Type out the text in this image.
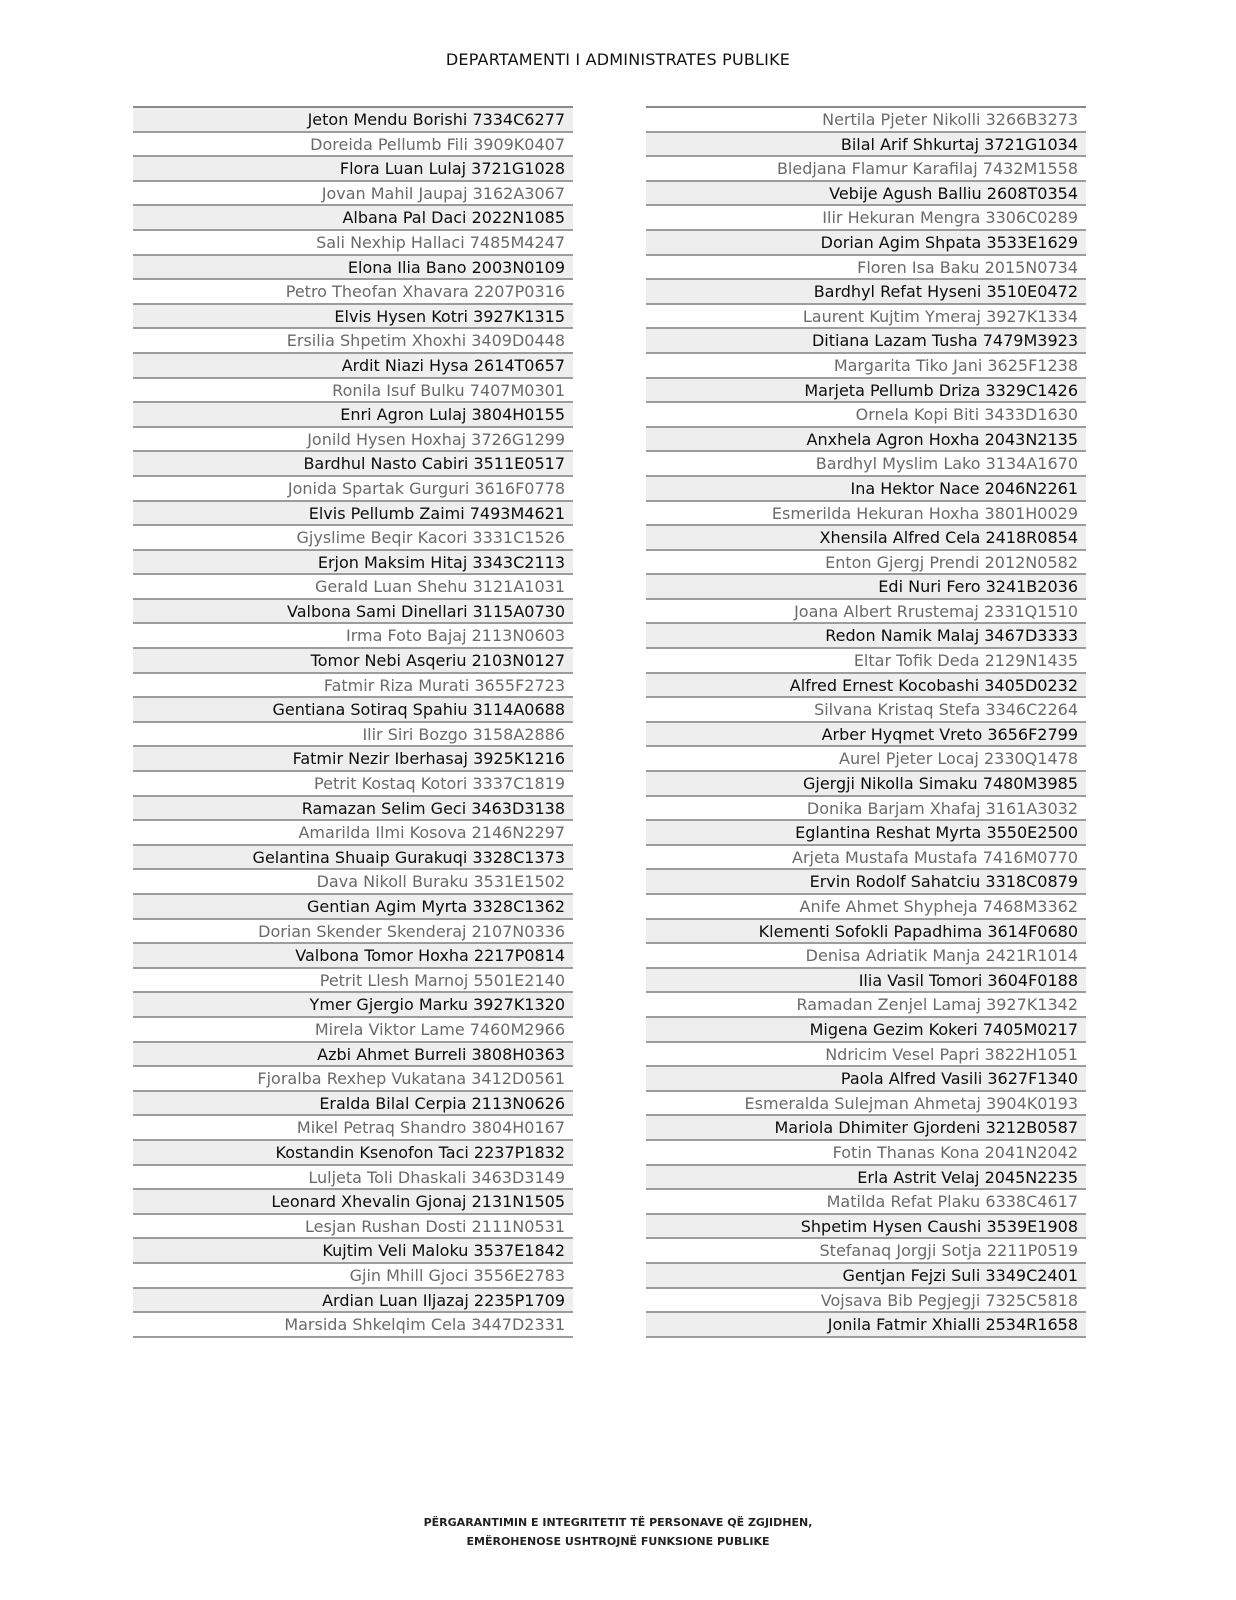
DEPARTAMENTI I ADMINISTRATES PUBLIKE
Jeton Mendu Borishi 7334C6277
Doreida Pellumb Fili 3909K0407
Flora Luan Lulaj 3721G1028
Jovan Mahil Jaupaj 3162A3067
Albana Pal Daci 2022N1085
Sali Nexhip Hallaci 7485M4247
Elona Ilia Bano 2003N0109
Petro Theofan Xhavara 2207P0316
Elvis Hysen Kotri 3927K1315
Ersilia Shpetim Xhoxhi 3409D0448
Ardit Niazi Hysa 2614T0657
Ronila Isuf Bulku 7407M0301
Enri Agron Lulaj 3804H0155
Jonild Hysen Hoxhaj 3726G1299
Bardhul Nasto Cabiri 3511E0517
Jonida Spartak Gurguri 3616F0778
Elvis Pellumb Zaimi 7493M4621
Gjyslime Beqir Kacori 3331C1526
Erjon Maksim Hitaj 3343C2113
Gerald Luan Shehu 3121A1031
Valbona Sami Dinellari 3115A0730
Irma Foto Bajaj 2113N0603
Tomor Nebi Asqeriu 2103N0127
Fatmir Riza Murati 3655F2723
Gentiana Sotiraq Spahiu 3114A0688
Ilir Siri Bozgo 3158A2886
Fatmir Nezir Iberhasaj 3925K1216
Petrit Kostaq Kotori 3337C1819
Ramazan Selim Geci 3463D3138
Amarilda Ilmi Kosova 2146N2297
Gelantina Shuaip Gurakuqi 3328C1373
Dava Nikoll Buraku 3531E1502
Gentian Agim Myrta 3328C1362
Dorian Skender Skenderaj 2107N0336
Valbona Tomor Hoxha 2217P0814
Petrit Llesh Marnoj 5501E2140
Ymer Gjergio Marku 3927K1320
Mirela Viktor Lame 7460M2966
Azbi Ahmet Burreli 3808H0363
Fjoralba Rexhep Vukatana 3412D0561
Eralda Bilal Cerpia 2113N0626
Mikel Petraq Shandro 3804H0167
Kostandin Ksenofon Taci 2237P1832
Luljeta Toli Dhaskali 3463D3149
Leonard Xhevalin Gjonaj 2131N1505
Lesjan Rushan Dosti 2111N0531
Kujtim Veli Maloku 3537E1842
Gjin Mhill Gjoci 3556E2783
Ardian Luan Iljazaj 2235P1709
Marsida Shkelqim Cela 3447D2331
Nertila Pjeter Nikolli 3266B3273
Bilal Arif Shkurtaj 3721G1034
Bledjana Flamur Karafilaj 7432M1558
Vebije Agush Balliu 2608T0354
Ilir Hekuran Mengra 3306C0289
Dorian Agim Shpata 3533E1629
Floren Isa Baku 2015N0734
Bardhyl Refat Hyseni 3510E0472
Laurent Kujtim Ymeraj 3927K1334
Ditiana Lazam Tusha 7479M3923
Margarita Tiko Jani 3625F1238
Marjeta Pellumb Driza 3329C1426
Ornela Kopi Biti 3433D1630
Anxhela Agron Hoxha 2043N2135
Bardhyl Myslim Lako 3134A1670
Ina Hektor Nace 2046N2261
Esmerilda Hekuran Hoxha 3801H0029
Xhensila Alfred Cela 2418R0854
Enton Gjergj Prendi 2012N0582
Edi Nuri Fero 3241B2036
Joana Albert Rrustemaj 2331Q1510
Redon Namik Malaj 3467D3333
Eltar Tofik Deda 2129N1435
Alfred Ernest Kocobashi 3405D0232
Silvana Kristaq Stefa 3346C2264
Arber Hyqmet Vreto 3656F2799
Aurel Pjeter Locaj 2330Q1478
Gjergji Nikolla Simaku 7480M3985
Donika Barjam Xhafaj 3161A3032
Eglantina Reshat Myrta 3550E2500
Arjeta Mustafa Mustafa 7416M0770
Ervin Rodolf Sahatciu 3318C0879
Anife Ahmet Shypheja 7468M3362
Klementi Sofokli Papadhima 3614F0680
Denisa Adriatik Manja 2421R1014
Ilia Vasil Tomori 3604F0188
Ramadan Zenjel Lamaj 3927K1342
Migena Gezim Kokeri 7405M0217
Ndricim Vesel Papri 3822H1051
Paola Alfred Vasili 3627F1340
Esmeralda Sulejman Ahmetaj 3904K0193
Mariola Dhimiter Gjordeni 3212B0587
Fotin Thanas Kona 2041N2042
Erla Astrit Velaj 2045N2235
Matilda Refat Plaku 6338C4617
Shpetim Hysen Caushi 3539E1908
Stefanaq Jorgji Sotja 2211P0519
Gentjan Fejzi Suli 3349C2401
Vojsava Bib Pegjegji 7325C5818
Jonila Fatmir Xhialli 2534R1658
PËRGARANTIMIN E INTEGRITETIT TË PERSONAVE QË ZGJIDHEN,
EMËROHENOSE USHTROJNË FUNKSIONE PUBLIKE
